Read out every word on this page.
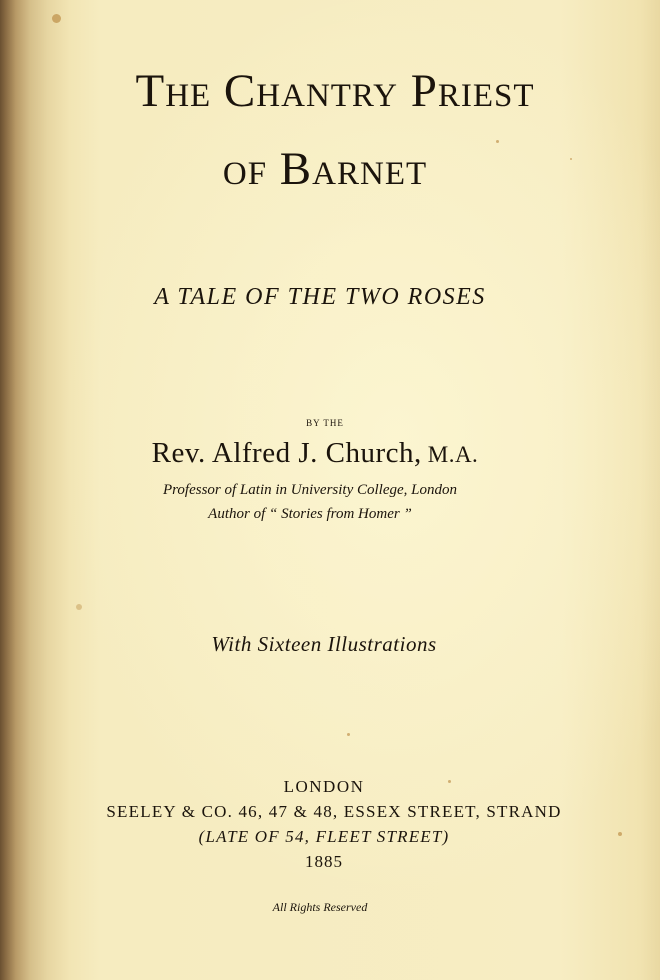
The Chantry Priest
of Barnet
A TALE OF THE TWO ROSES
BY THE
Rev. Alfred J. Church, M.A.
Professor of Latin in University College, London
Author of “ Stories from Homer ”
With Sixteen Illustrations
LONDON
SEELEY & CO. 46, 47 & 48, ESSEX STREET, STRAND
(LATE OF 54, FLEET STREET)
1885
All Rights Reserved
